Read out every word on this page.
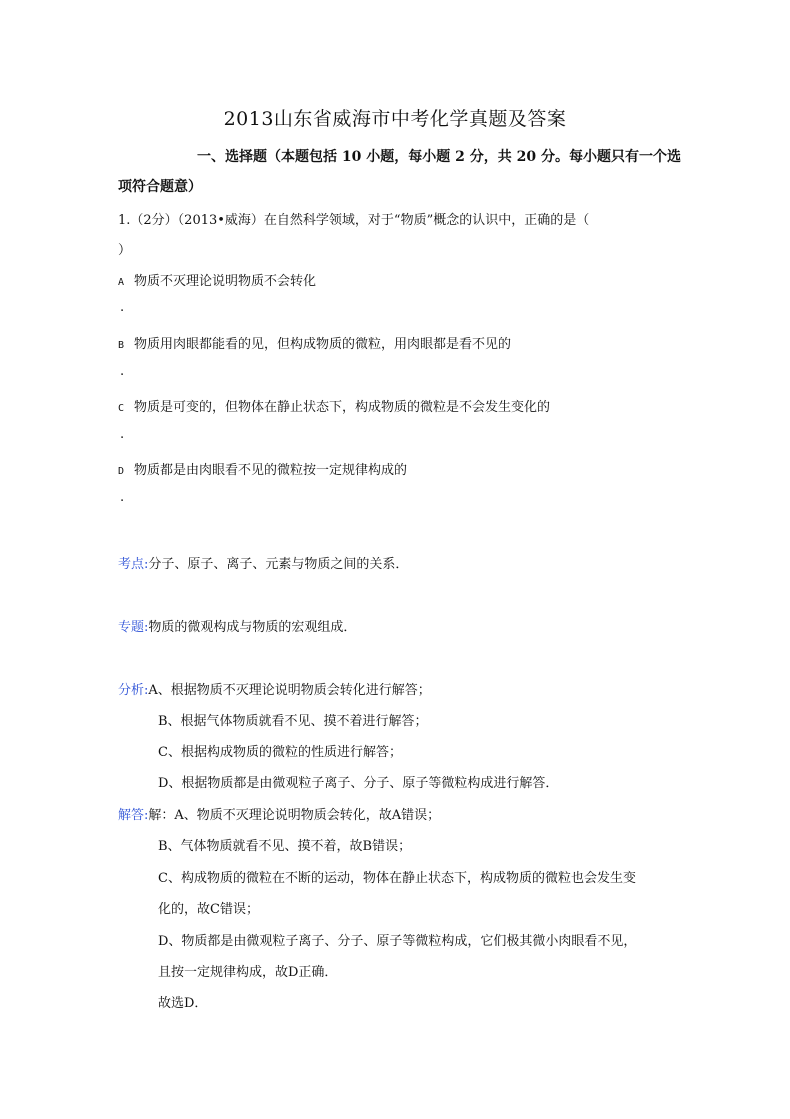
2013山东省威海市中考化学真题及答案
一、选择题（本题包括 10 小题，每小题 2 分，共 20 分。每小题只有一个选
项符合题意）
1.（2分）（2013•威海）在自然科学领域，对于“物质”概念的认识中，正确的是（
）
A 物质不灭理论说明物质不会转化
.
B 物质用肉眼都能看的见，但构成物质的微粒，用肉眼都是看不见的
.
C 物质是可变的，但物体在静止状态下，构成物质的微粒是不会发生变化的
.
D 物质都是由肉眼看不见的微粒按一定规律构成的
.
考点:分子、原子、离子、元素与物质之间的关系．
专题:物质的微观构成与物质的宏观组成．
分析:A、根据物质不灭理论说明物质会转化进行解答；
B、根据气体物质就看不见、摸不着进行解答；
C、根据构成物质的微粒的性质进行解答；
D、根据物质都是由微观粒子离子、分子、原子等微粒构成进行解答．
解答:解：A、物质不灭理论说明物质会转化，故A错误；
B、气体物质就看不见、摸不着，故B错误；
C、构成物质的微粒在不断的运动，物体在静止状态下，构成物质的微粒也会发生变
化的，故C错误；
D、物质都是由微观粒子离子、分子、原子等微粒构成，它们极其微小肉眼看不见，
且按一定规律构成，故D正确．
故选D．
